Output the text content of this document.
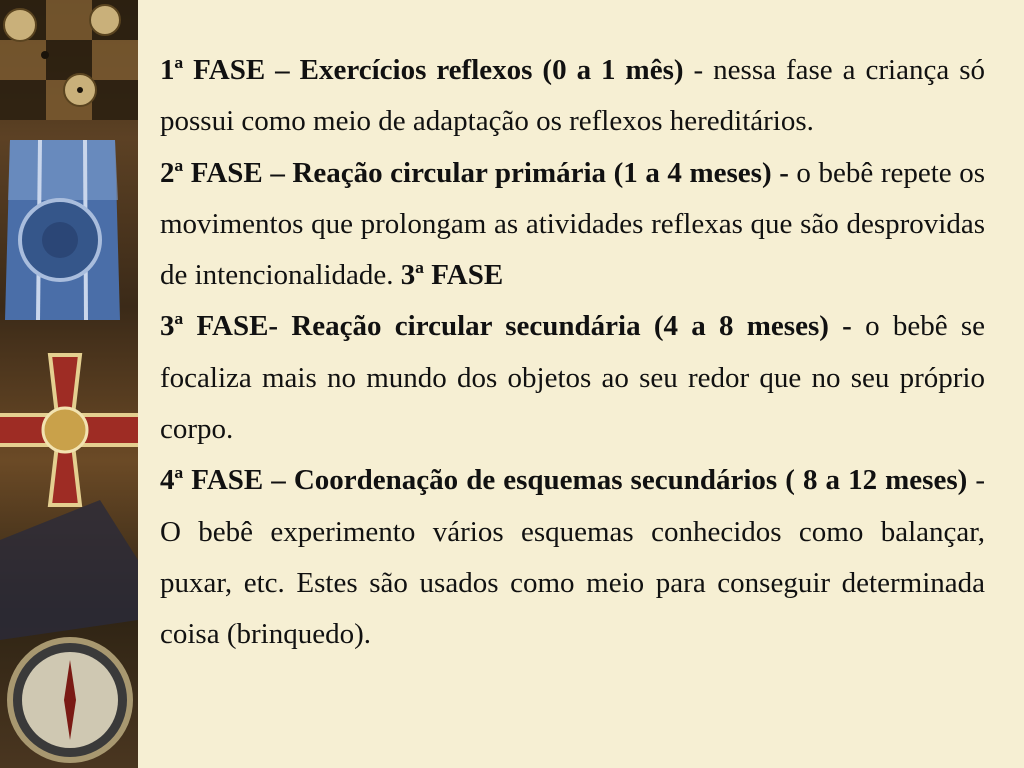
1ª FASE – Exercícios reflexos (0 a 1 mês) - nessa fase a criança só possui como meio de adaptação os reflexos hereditários.

2ª FASE – Reação circular primária (1 a 4 meses) - o bebê repete os movimentos que prolongam as atividades reflexas que são desprovidas de intencionalidade. 3ª FASE

3ª FASE- Reação circular secundária (4 a 8 meses) - o bebê se focaliza mais no mundo dos objetos ao seu redor que no seu próprio corpo.

4ª FASE – Coordenação de esquemas secundários ( 8 a 12 meses) - O bebê experimento vários esquemas conhecidos como balançar, puxar, etc. Estes são usados como meio para conseguir determinada coisa (brinquedo).
